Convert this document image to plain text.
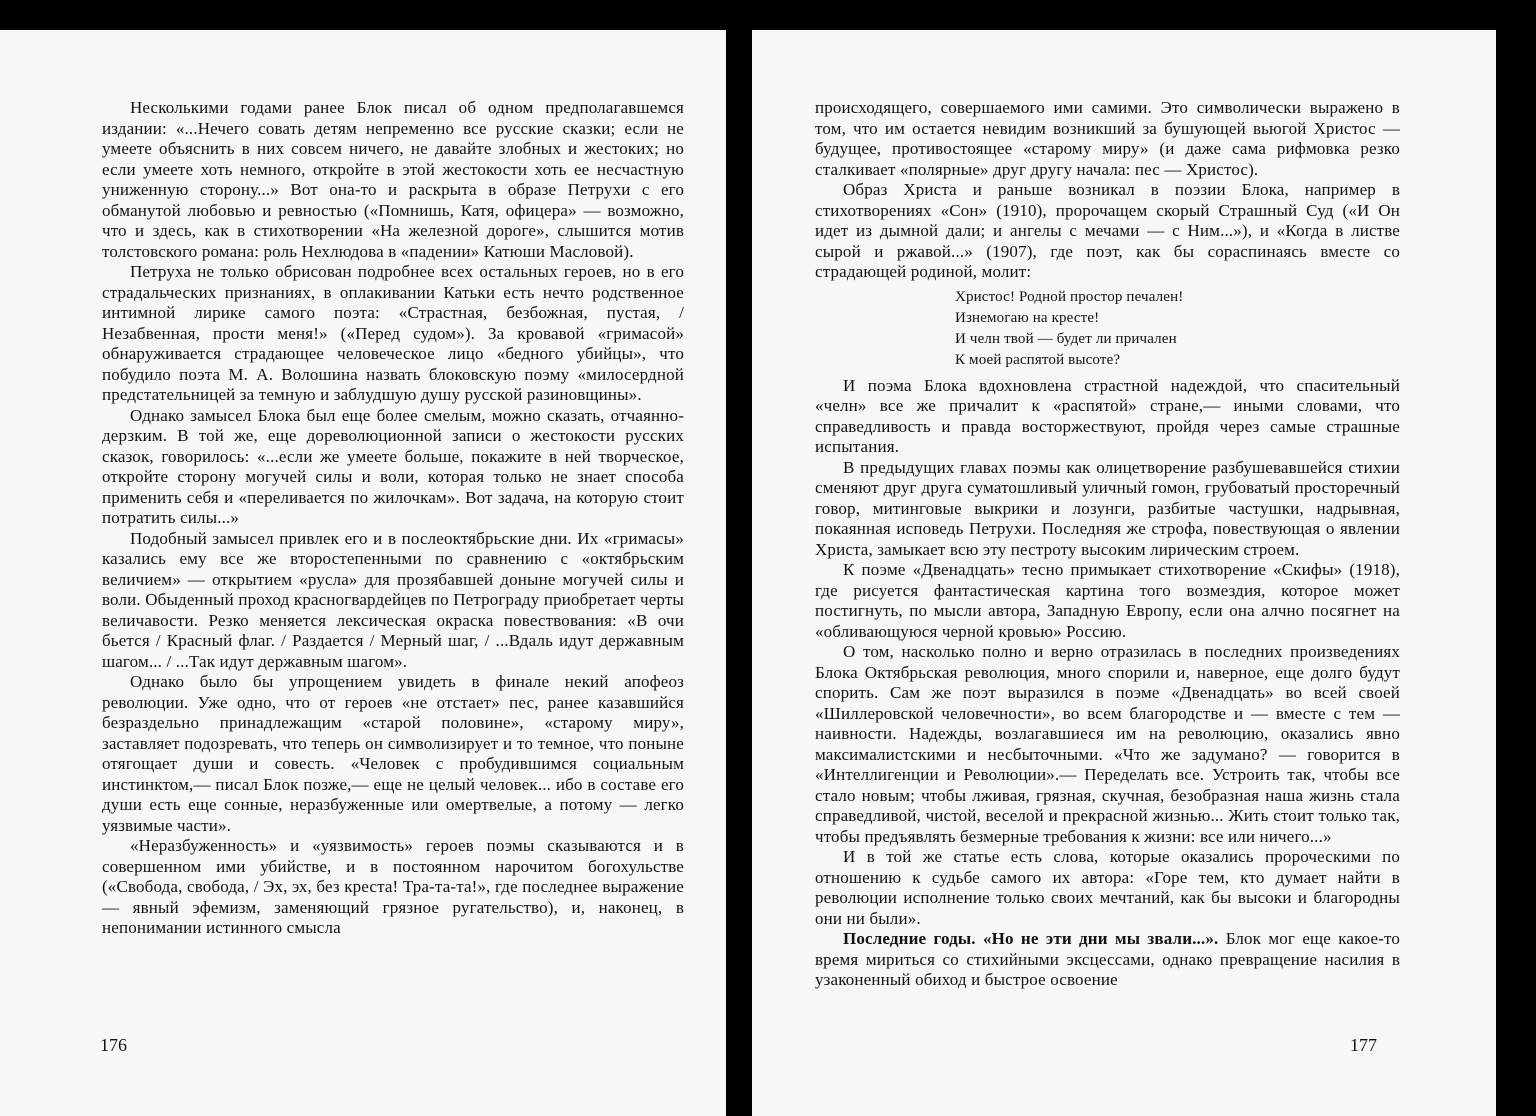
Несколькими годами ранее Блок писал об одном предполагавшемся издании: «...Нечего совать детям непременно все русские сказки; если не умеете объяснить в них совсем ничего, не давайте злобных и жестоких; но если умеете хоть немного, откройте в этой жестокости хоть ее несчастную униженную сторону...» Вот она-то и раскрыта в образе Петрухи с его обманутой любовью и ревностью («Помнишь, Катя, офицера» — возможно, что и здесь, как в стихотворении «На железной дороге», слышится мотив толстовского романа: роль Нехлюдова в «падении» Катюши Масловой).

Петруха не только обрисован подробнее всех остальных героев, но в его страдальческих признаниях, в оплакивании Катьки есть нечто родственное интимной лирике самого поэта: «Страстная, безбожная, пустая, / Незабвенная, прости меня!» («Перед судом»). За кровавой «гримасой» обнаруживается страдающее человеческое лицо «бедного убийцы», что побудило поэта М. А. Волошина назвать блоковскую поэму «милосердной предстательницей за темную и заблудшую душу русской разиновщины».

Однако замысел Блока был еще более смелым, можно сказать, отчаянно-дерзким. В той же, еще дореволюционной записи о жестокости русских сказок, говорилось: «...если же умеете больше, покажите в ней творческое, откройте сторону могучей силы и воли, которая только не знает способа применить себя и «переливается по жилочкам». Вот задача, на которую стоит потратить силы...»

Подобный замысел привлек его и в послеоктябрьские дни. Их «гримасы» казались ему все же второстепенными по сравнению с «октябрьским величием» — открытием «русла» для прозябавшей доныне могучей силы и воли. Обыденный проход красногвардейцев по Петрограду приобретает черты величавости. Резко меняется лексическая окраска повествования: «В очи бьется / Красный флаг. / Раздается / Мерный шаг, / ...Вдаль идут державным шагом... / ...Так идут державным шагом».

Однако было бы упрощением увидеть в финале некий апофеоз революции. Уже одно, что от героев «не отстает» пес, ранее казавшийся безраздельно принадлежащим «старой половине», «старому миру», заставляет подозревать, что теперь он символизирует и то темное, что поныне отягощает души и совесть. «Человек с пробудившимся социальным инстинктом,— писал Блок позже,— еще не целый человек... ибо в составе его души есть еще сонные, неразбуженные или омертвелые, а потому — легко уязвимые части».

«Неразбуженность» и «уязвимость» героев поэмы сказываются и в совершенном ими убийстве, и в постоянном нарочитом богохульстве («Свобода, свобода, / Эх, эх, без креста! Тра-та-та!», где последнее выражение — явный эфемизм, заменяющий грязное ругательство), и, наконец, в непонимании истинного смысла

176

происходящего, совершаемого ими самими. Это символически выражено в том, что им остается невидим возникший за бушующей вьюгой Христос — будущее, противостоящее «старому миру» (и даже сама рифмовка резко сталкивает «полярные» друг другу начала: пес — Христос).

Образ Христа и раньше возникал в поэзии Блока, например в стихотворениях «Сон» (1910), пророчащем скорый Страшный Суд («И Он идет из дымной дали; и ангелы с мечами — с Ним...»), и «Когда в листве сырой и ржавой...» (1907), где поэт, как бы сораспинаясь вместе со страдающей родиной, молит:

Христос! Родной простор печален!
Изнемогаю на кресте!
И челн твой — будет ли причален
К моей распятой высоте?

И поэма Блока вдохновлена страстной надеждой, что спасительный «челн» все же причалит к «распятой» стране,— иными словами, что справедливость и правда восторжествуют, пройдя через самые страшные испытания.

В предыдущих главах поэмы как олицетворение разбушевавшейся стихии сменяют друг друга суматошливый уличный гомон, грубоватый просторечный говор, митинговые выкрики и лозунги, разбитые частушки, надрывная, покаянная исповедь Петрухи. Последняя же строфа, повествующая о явлении Христа, замыкает всю эту пестроту высоким лирическим строем.

К поэме «Двенадцать» тесно примыкает стихотворение «Скифы» (1918), где рисуется фантастическая картина того возмездия, которое может постигнуть, по мысли автора, Западную Европу, если она алчно посягнет на «обливающуюся черной кровью» Россию.

О том, насколько полно и верно отразилась в последних произведениях Блока Октябрьская революция, много спорили и, наверное, еще долго будут спорить. Сам же поэт выразился в поэме «Двенадцать» во всей своей «Шиллеровской человечности», во всем благородстве и — вместе с тем — наивности. Надежды, возлагавшиеся им на революцию, оказались явно максималистскими и несбыточными. «Что же задумано? — говорится в «Интеллигенции и Революции».— Переделать все. Устроить так, чтобы все стало новым; чтобы лживая, грязная, скучная, безобразная наша жизнь стала справедливой, чистой, веселой и прекрасной жизнью... Жить стоит только так, чтобы предъявлять безмерные требования к жизни: все или ничего...»

И в той же статье есть слова, которые оказались пророческими по отношению к судьбе самого их автора: «Горе тем, кто думает найти в революции исполнение только своих мечтаний, как бы высоки и благородны они ни были».

Последние годы. «Но не эти дни мы звали...». Блок мог еще какое-то время мириться со стихийными эксцессами, однако превращение насилия в узаконенный обиход и быстрое освоение

177
